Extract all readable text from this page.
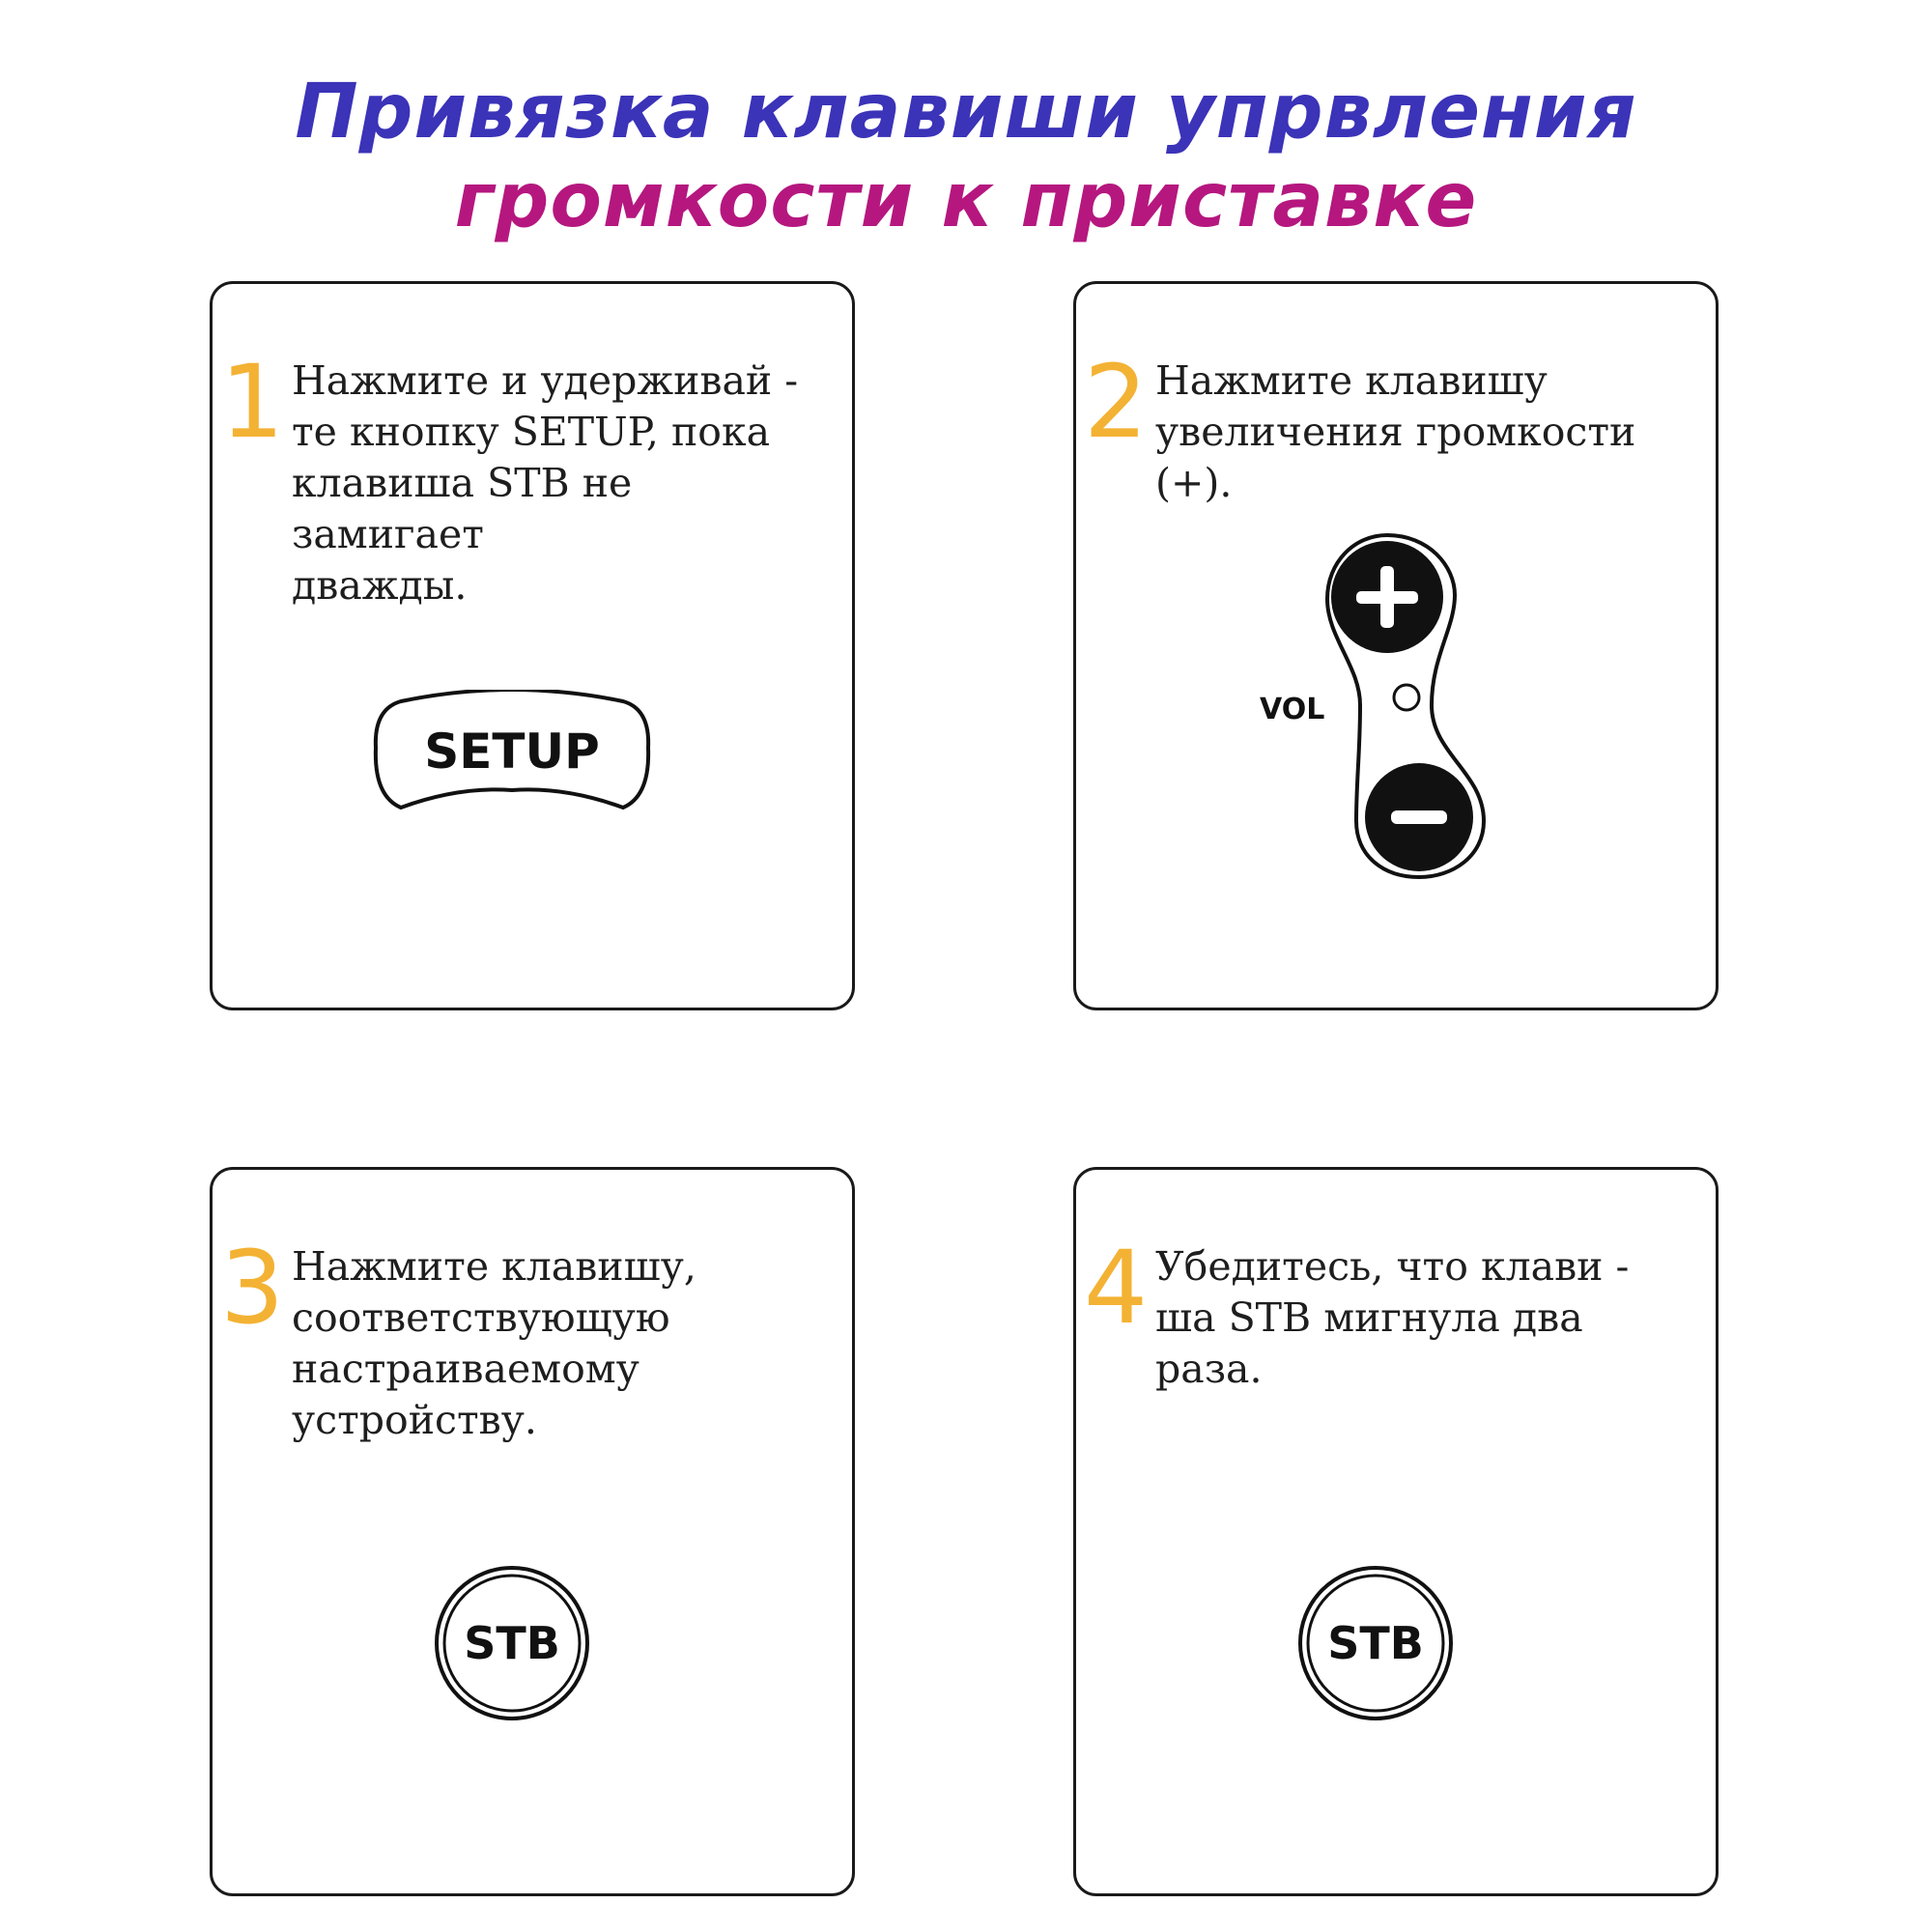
Привязка клавиши упрвления
громкости к приставке
1 Нажмите и удерживай -
те кнопку SETUP, пока
клавиша STB не замигает
дважды.
SETUP
2 Нажмите клавишу
увеличения громкости
(+).
VOL
3 Нажмите клавишу,
соответствующую
настраиваемому
устройству.
STB
4 Убедитесь, что клави -
ша STB мигнула два
раза.
STB
